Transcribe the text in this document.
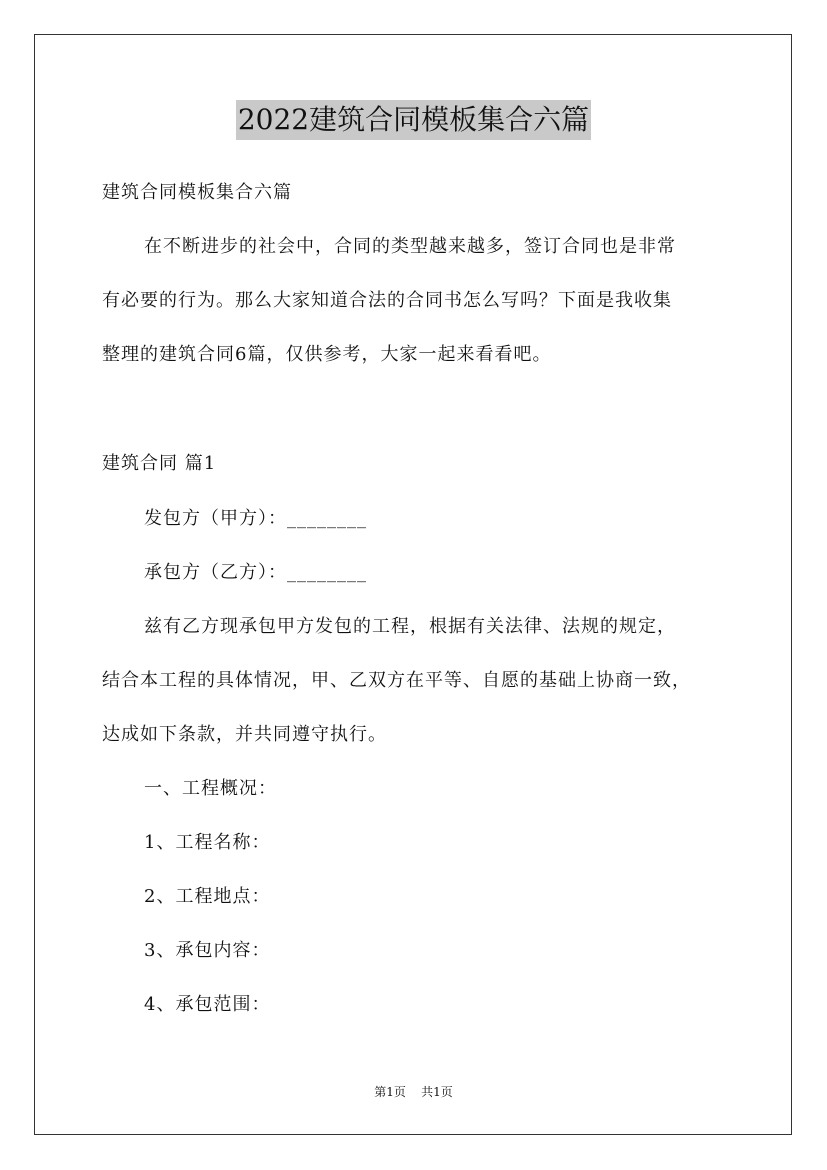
2022建筑合同模板集合六篇
建筑合同模板集合六篇
在不断进步的社会中，合同的类型越来越多，签订合同也是非常
有必要的行为。那么大家知道合法的合同书怎么写吗？下面是我收集
整理的建筑合同6篇，仅供参考，大家一起来看看吧。
建筑合同 篇1
发包方（甲方）：________
承包方（乙方）：________
兹有乙方现承包甲方发包的工程，根据有关法律、法规的规定，
结合本工程的具体情况，甲、乙双方在平等、自愿的基础上协商一致，
达成如下条款，并共同遵守执行。
一、工程概况：
1、工程名称：
2、工程地点：
3、承包内容：
4、承包范围：
第1页 共1页
